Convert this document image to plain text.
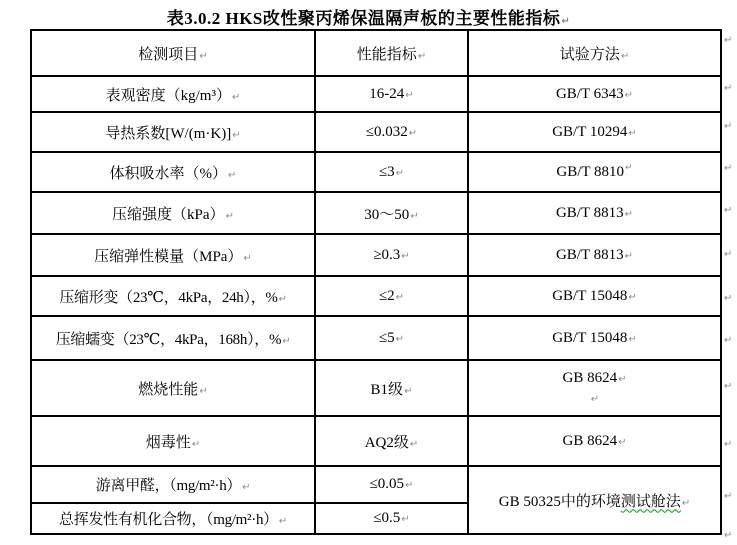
表3.0.2 HKS改性聚丙烯保温隔声板的主要性能指标↵
检测项目↵	性能指标↵	试验方法↵
表观密度（kg/m³）↵	16-24↵	GB/T 6343↵
导热系数[W/(m·K)]↵	≤0.032↵	GB/T 10294↵
体积吸水率（%）↵	≤3↵	GB/T 8810↵
压缩强度（kPa）↵	30～50↵	GB/T 8813↵
压缩弹性模量（MPa）↵	≥0.3↵	GB/T 8813↵
压缩形变（23℃，4kPa，24h），%↵	≤2↵	GB/T 15048↵
压缩蠕变（23℃，4kPa，168h），%↵	≤5↵	GB/T 15048↵
燃烧性能↵	B1级↵	GB 8624↵
↵

烟毒性↵	AQ2级↵	GB 8624↵
游离甲醛，（mg/m²·h）↵	≤0.05↵	GB 50325中的环境测试舱法↵
总挥发性有机化合物，（mg/m²·h）↵	≤0.5↵	
↵
↵
↵
↵
↵
↵
↵
↵
↵
↵
↵
↵
